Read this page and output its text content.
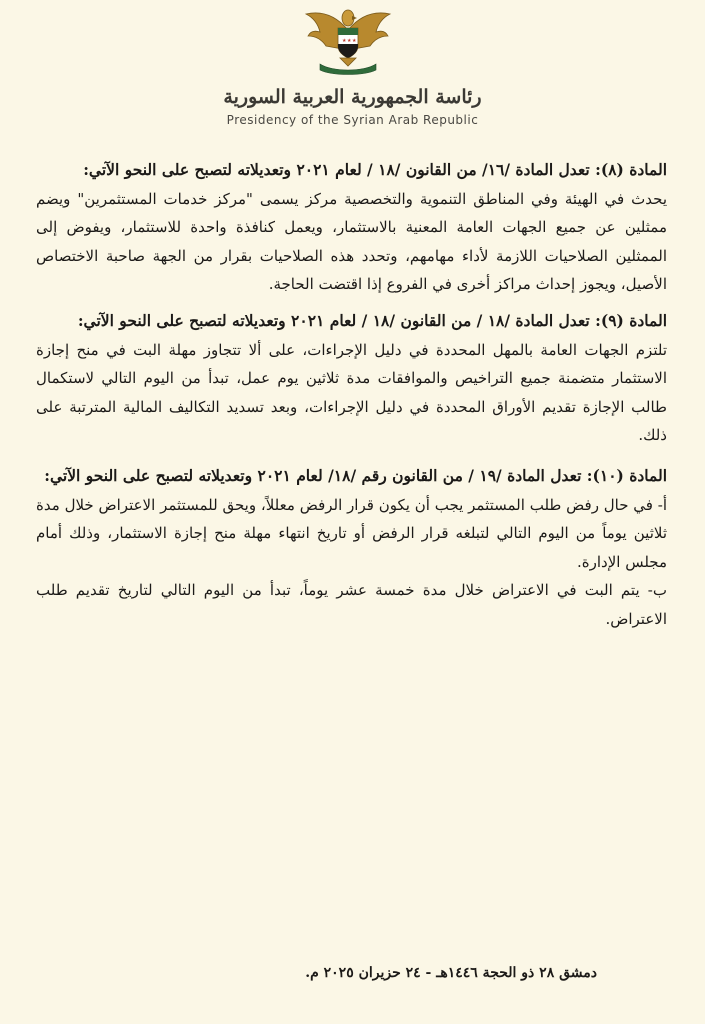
★ ★ ★
رئاسة الجمهورية العربية السورية
Presidency of the Syrian Arab Republic

المادة (٨): تعدل المادة /١٦/ من القانون /١٨ / لعام ٢٠٢١ وتعديلاته لتصبح على النحو الآتي:

يحدث في الهيئة وفي المناطق التنموية والتخصصية مركز يسمى "مركز خدمات المستثمرين" ويضم ممثلين عن جميع الجهات العامة المعنية بالاستثمار، ويعمل كنافذة واحدة للاستثمار، ويفوض إلى الممثلين الصلاحيات اللازمة لأداء مهامهم، وتحدد هذه الصلاحيات بقرار من الجهة صاحبة الاختصاص الأصيل، ويجوز إحداث مراكز أخرى في الفروع إذا اقتضت الحاجة.

المادة (٩): تعدل المادة /١٨ / من القانون /١٨ / لعام ٢٠٢١ وتعديلاته لتصبح على النحو الآتي:

تلتزم الجهات العامة بالمهل المحددة في دليل الإجراءات، على ألا تتجاوز مهلة البت في منح إجازة الاستثمار متضمنة جميع التراخيص والموافقات مدة ثلاثين يوم عمل، تبدأ من اليوم التالي لاستكمال طالب الإجازة تقديم الأوراق المحددة في دليل الإجراءات، وبعد تسديد التكاليف المالية المترتبة على ذلك.

المادة (١٠): تعدل المادة /١٩ / من القانون رقم /١٨/ لعام ٢٠٢١ وتعديلاته لتصبح على النحو الآتي:

أ- في حال رفض طلب المستثمر يجب أن يكون قرار الرفض معللاً، ويحق للمستثمر الاعتراض خلال مدة ثلاثين يوماً من اليوم التالي لتبلغه قرار الرفض أو تاريخ انتهاء مهلة منح إجازة الاستثمار، وذلك أمام مجلس الإدارة.

ب- يتم البت في الاعتراض خلال مدة خمسة عشر يوماً، تبدأ من اليوم التالي لتاريخ تقديم طلب الاعتراض.

دمشق ٢٨ ذو الحجة ١٤٤٦هـ - ٢٤ حزيران ٢٠٢٥ م.
